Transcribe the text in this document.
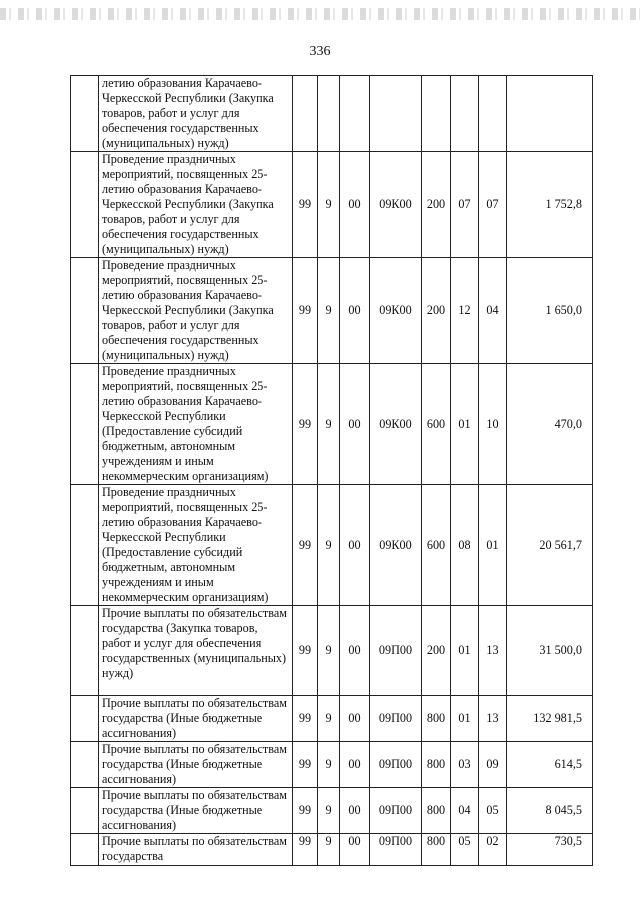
336
	летию образования Карачаево-Черкесской Республики (Закупка товаров, работ и услуг для обеспечения государственных (муниципальных) нужд)								
	Проведение праздничных мероприятий, посвященных 25-летию образования Карачаево-Черкесской Республики (Закупка товаров, работ и услуг для обеспечения государственных (муниципальных) нужд)	99	9	00	09К00	200	07	07	1 752,8
	Проведение праздничных мероприятий, посвященных 25-летию образования Карачаево-Черкесской Республики (Закупка товаров, работ и услуг для обеспечения государственных (муниципальных) нужд)	99	9	00	09К00	200	12	04	1 650,0
	Проведение праздничных мероприятий, посвященных 25-летию образования Карачаево-Черкесской Республики (Предоставление субсидий бюджетным, автономным учреждениям и иным некоммерческим организациям)	99	9	00	09К00	600	01	10	470,0
	Проведение праздничных мероприятий, посвященных 25-летию образования Карачаево-Черкесской Республики (Предоставление субсидий бюджетным, автономным учреждениям и иным некоммерческим организациям)	99	9	00	09К00	600	08	01	20 561,7
	Прочие выплаты по обязательствам государства (Закупка товаров, работ и услуг для обеспечения государственных (муниципальных) нужд)	99	9	00	09П00	200	01	13	31 500,0
	Прочие выплаты по обязательствам государства (Иные бюджетные ассигнования)	99	9	00	09П00	800	01	13	132 981,5
	Прочие выплаты по обязательствам государства (Иные бюджетные ассигнования)	99	9	00	09П00	800	03	09	614,5
	Прочие выплаты по обязательствам государства (Иные бюджетные ассигнования)	99	9	00	09П00	800	04	05	8 045,5
	Прочие выплаты по обязательствам государства	99	9	00	09П00	800	05	02	730,5
